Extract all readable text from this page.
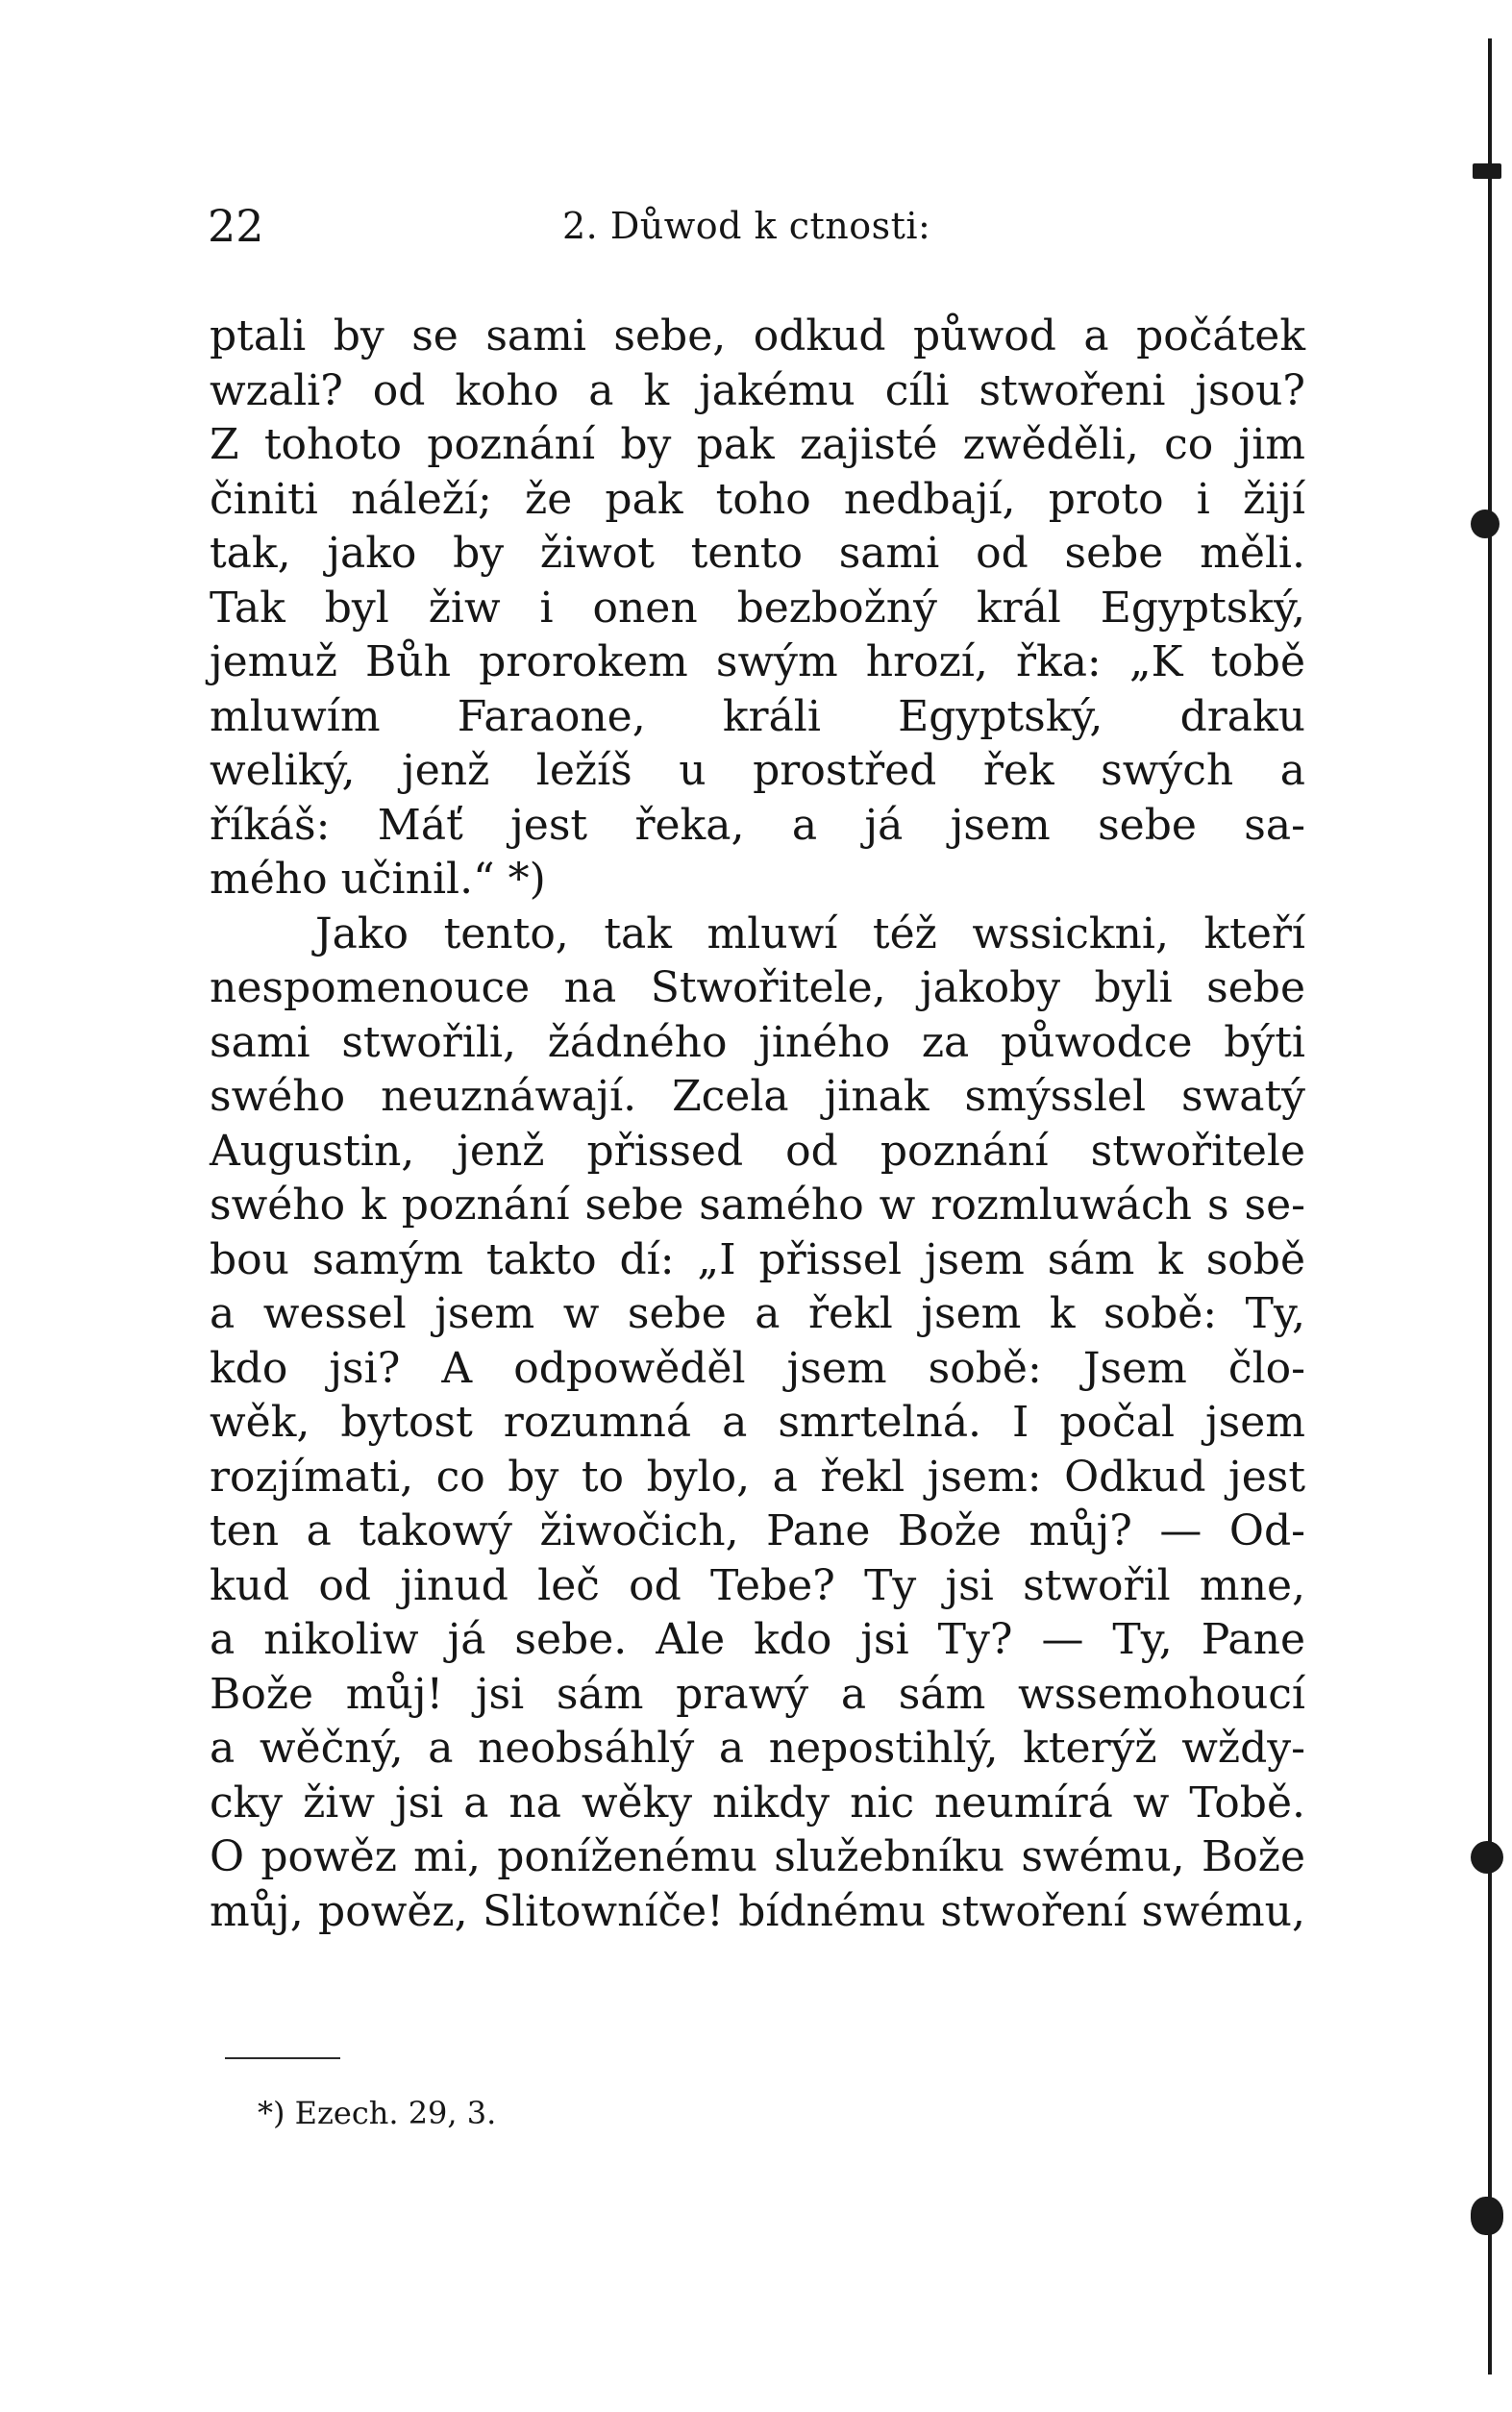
22	2. Důwod k ctnosti:
ptali by se sami sebe, odkud půwod a počátek
wzali? od koho a k jakému cíli stwořeni jsou?
Z tohoto poznání by pak zajisté zwěděli, co jim
činiti náleží; že pak toho nedbají, proto i žijí
tak, jako by žiwot tento sami od sebe měli.
Tak byl žiw i onen bezbožný král Egyptský,
jemuž Bůh prorokem swým hrozí, řka: „K tobě
mluwím Faraone, králi Egyptský, draku
weliký, jenž ležíš u prostřed řek swých a
říkáš: Máť jest řeka, a já jsem sebe sa-
mého učinil.“ *)
Jako tento, tak mluwí též wssickni, kteří
nespomenouce na Stwořitele, jakoby byli sebe
sami stwořili, žádného jiného za půwodce býti
swého neuznáwají. Zcela jinak smýsslel swatý
Augustin, jenž přissed od poznání stwořitele
swého k poznání sebe samého w rozmluwách s se-
bou samým takto dí: „I přissel jsem sám k sobě
a wessel jsem w sebe a řekl jsem k sobě: Ty,
kdo jsi? A odpowěděl jsem sobě: Jsem člo-
wěk, bytost rozumná a smrtelná. I počal jsem
rozjímati, co by to bylo, a řekl jsem: Odkud jest
ten a takowý žiwočich, Pane Bože můj? — Od-
kud od jinud leč od Tebe? Ty jsi stwořil mne,
a nikoliw já sebe. Ale kdo jsi Ty? — Ty, Pane
Bože můj! jsi sám prawý a sám wssemohoucí
a wěčný, a neobsáhlý a nepostihlý, kterýž wždy-
cky žiw jsi a na wěky nikdy nic neumírá w Tobě.
O powěz mi, poníženému služebníku swému, Bože
můj, powěz, Slitowníče! bídnému stwoření swému,
*) Ezech. 29, 3.
